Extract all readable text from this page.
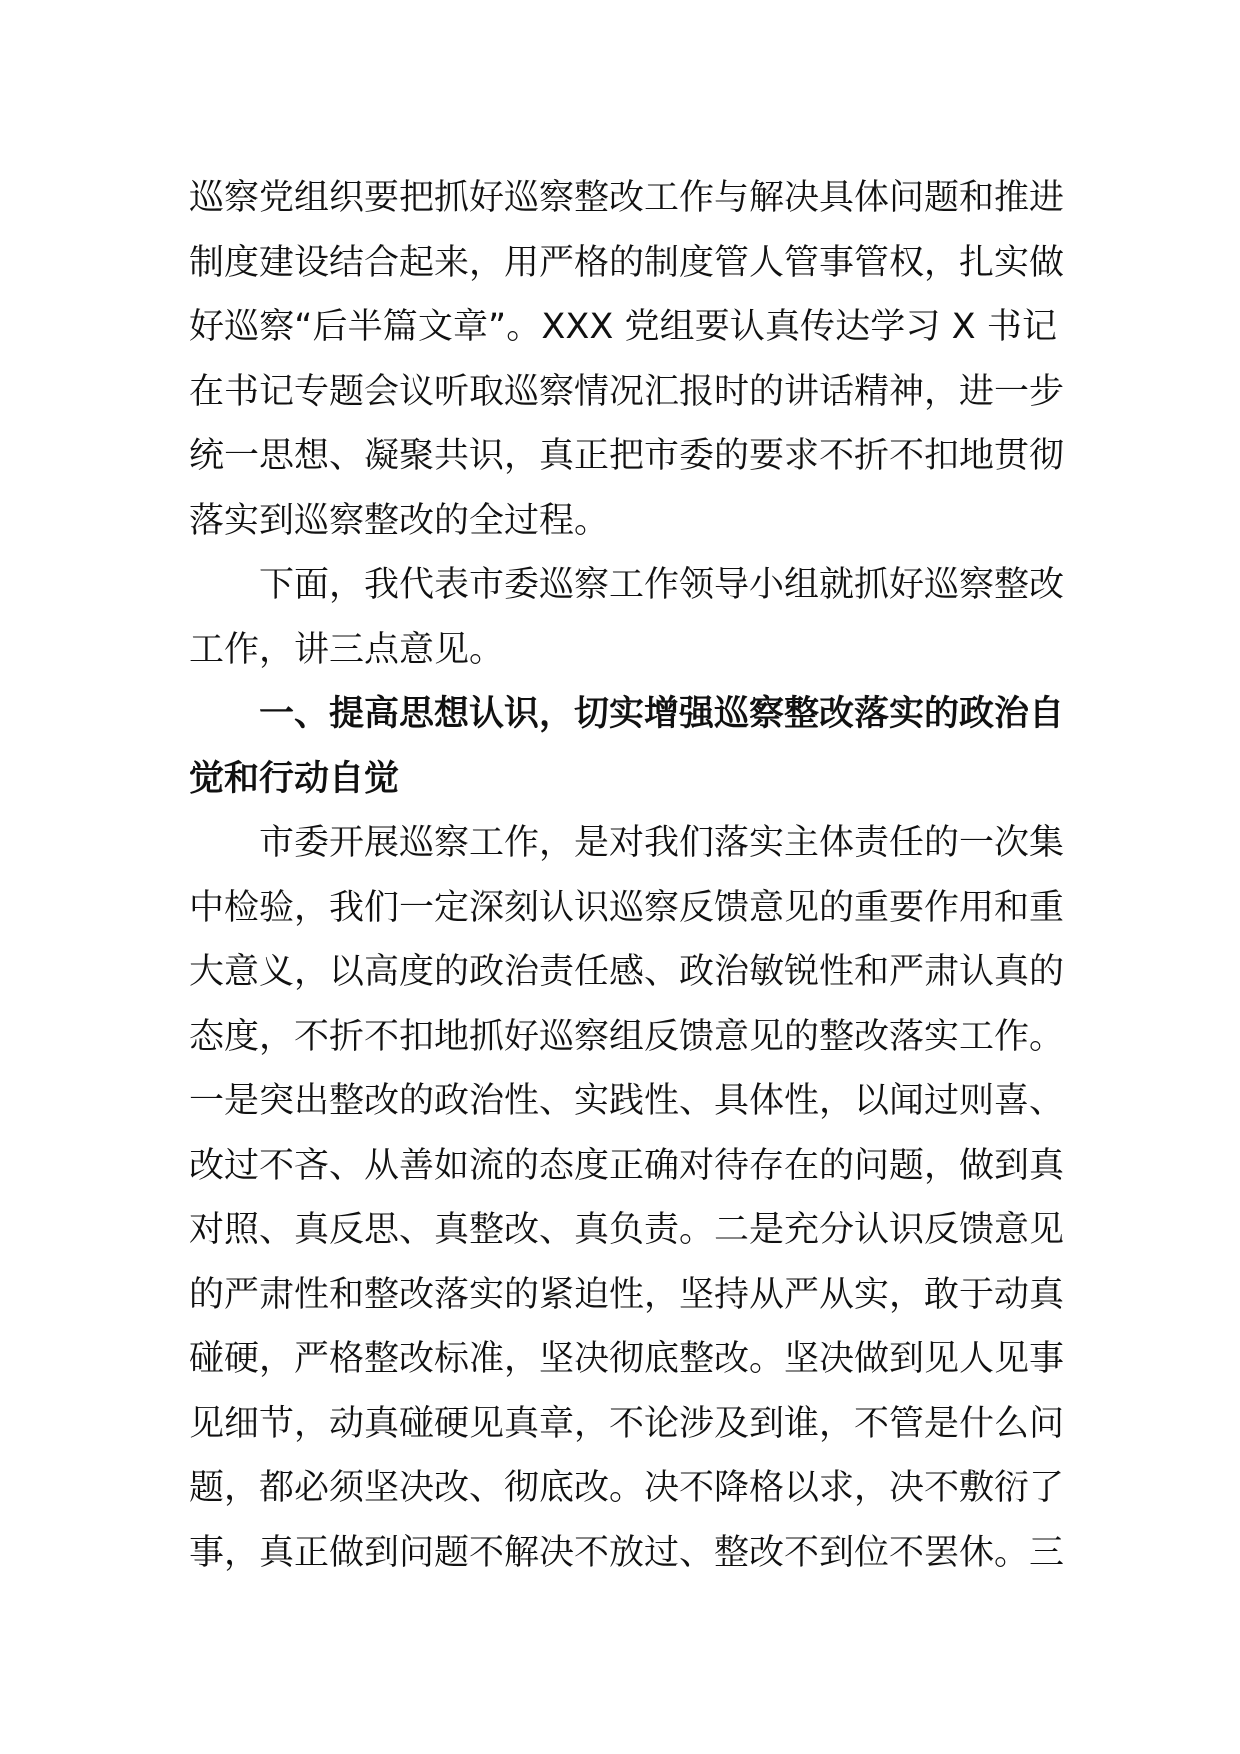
巡察党组织要把抓好巡察整改工作与解决具体问题和推进
制度建设结合起来，用严格的制度管人管事管权，扎实做
好巡察“后半篇文章”。XXX 党组要认真传达学习 X 书记
在书记专题会议听取巡察情况汇报时的讲话精神，进一步
统一思想、凝聚共识，真正把市委的要求不折不扣地贯彻
落实到巡察整改的全过程。
　　下面，我代表市委巡察工作领导小组就抓好巡察整改
工作，讲三点意见。
　　一、提高思想认识，切实增强巡察整改落实的政治自
觉和行动自觉
　　市委开展巡察工作，是对我们落实主体责任的一次集
中检验，我们一定深刻认识巡察反馈意见的重要作用和重
大意义，以高度的政治责任感、政治敏锐性和严肃认真的
态度，不折不扣地抓好巡察组反馈意见的整改落实工作。
一是突出整改的政治性、实践性、具体性，以闻过则喜、
改过不吝、从善如流的态度正确对待存在的问题，做到真
对照、真反思、真整改、真负责。二是充分认识反馈意见
的严肃性和整改落实的紧迫性，坚持从严从实，敢于动真
碰硬，严格整改标准，坚决彻底整改。坚决做到见人见事
见细节，动真碰硬见真章，不论涉及到谁，不管是什么问
题，都必须坚决改、彻底改。决不降格以求，决不敷衍了
事，真正做到问题不解决不放过、整改不到位不罢休。三
